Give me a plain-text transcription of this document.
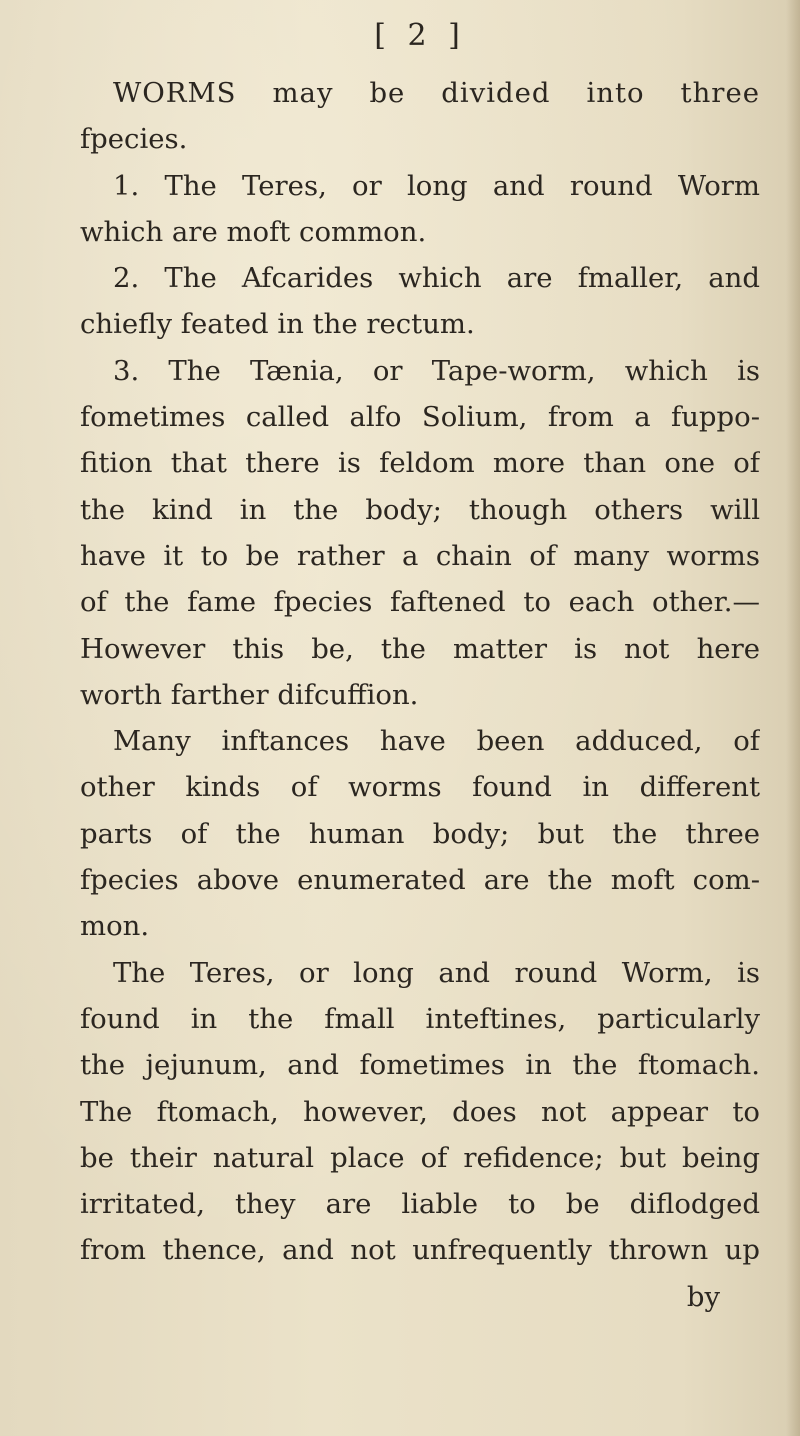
[ 2 ]
WORMS may be divided into three
fpecies.
1. The Teres, or long and round Worm
which are moft common.
2. The Afcarides which are fmaller, and
chiefly feated in the rectum.
3. The Tænia, or Tape-worm, which is
fometimes called alfo Solium, from a fuppo-
fition that there is feldom more than one of
the kind in the body; though others will
have it to be rather a chain of many worms
of the fame fpecies faftened to each other.—
However this be, the matter is not here
worth farther difcuffion.
Many inftances have been adduced, of
other kinds of worms found in different
parts of the human body; but the three
fpecies above enumerated are the moft com-
mon.
The Teres, or long and round Worm, is
found in the fmall inteftines, particularly
the jejunum, and fometimes in the ftomach.
The ftomach, however, does not appear to
be their natural place of refidence; but being
irritated, they are liable to be diflodged
from thence, and not unfrequently thrown up
by
